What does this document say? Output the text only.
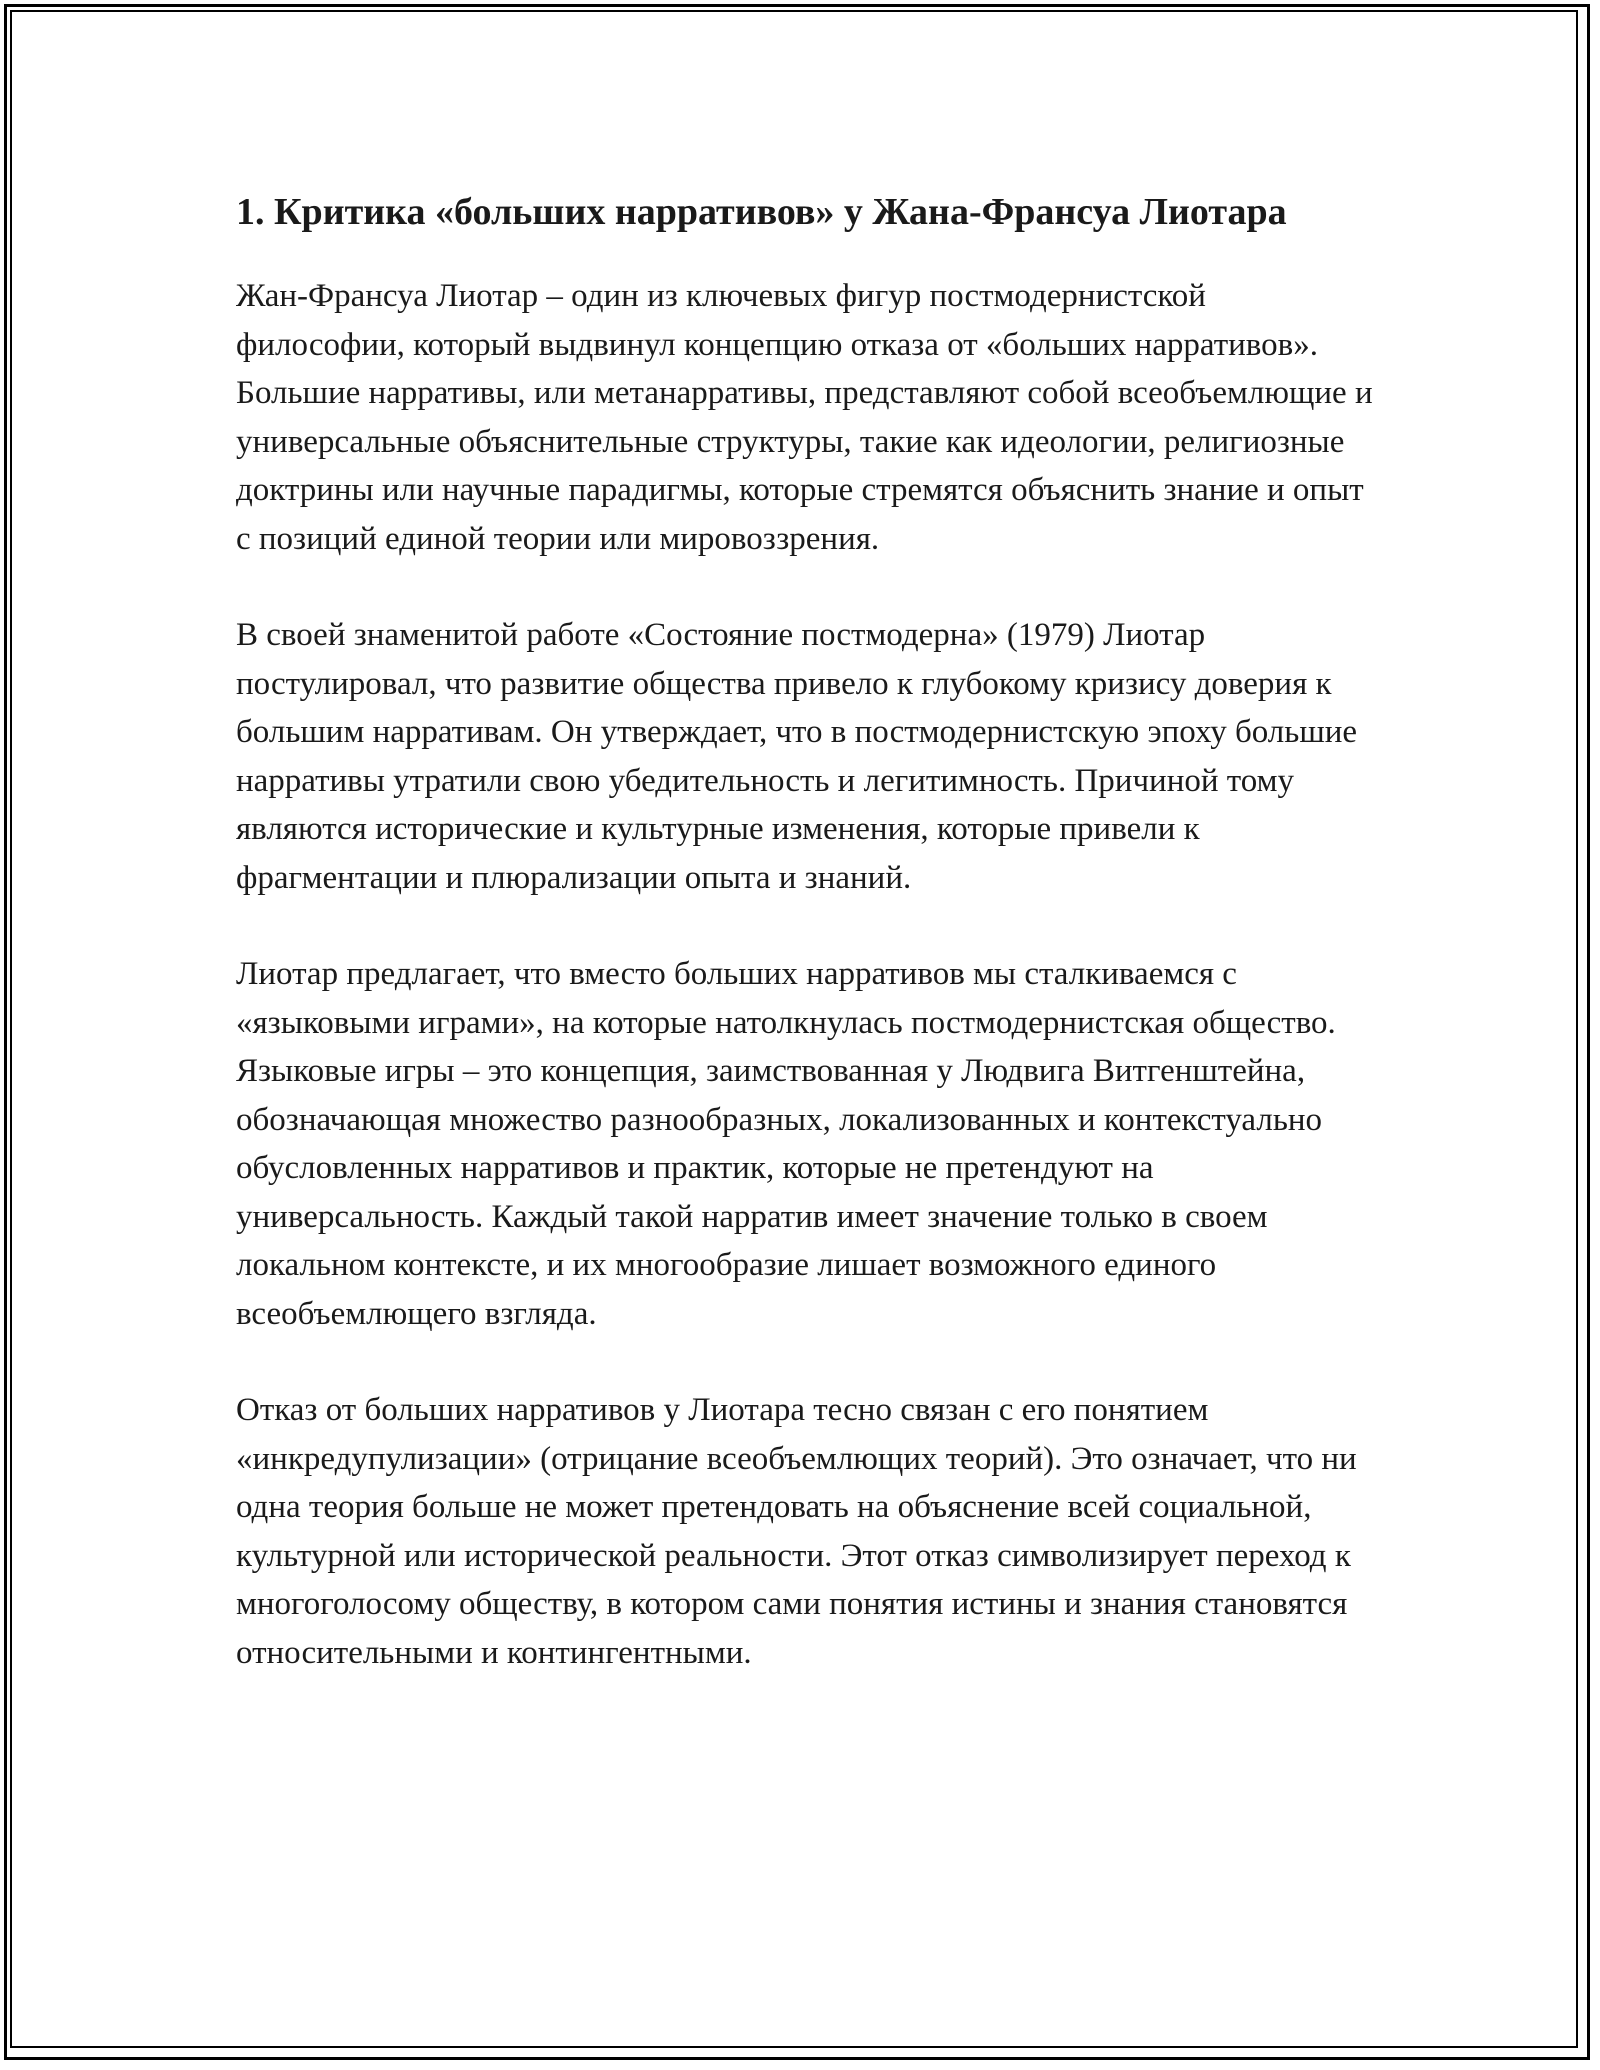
1. Критика «больших нарративов» у Жана-Франсуа Лиотара

Жан-Франсуа Лиотар – один из ключевых фигур постмодернистской философии, который выдвинул концепцию отказа от «больших нарративов». Большие нарративы, или метанарративы, представляют собой всеобъемлющие и универсальные объяснительные структуры, такие как идеологии, религиозные доктрины или научные парадигмы, которые стремятся объяснить знание и опыт с позиций единой теории или мировоззрения.

В своей знаменитой работе «Состояние постмодерна» (1979) Лиотар постулировал, что развитие общества привело к глубокому кризису доверия к большим нарративам. Он утверждает, что в постмодернистскую эпоху большие нарративы утратили свою убедительность и легитимность. Причиной тому являются исторические и культурные изменения, которые привели к фрагментации и плюрализации опыта и знаний.

Лиотар предлагает, что вместо больших нарративов мы сталкиваемся с «языковыми играми», на которые натолкнулась постмодернистская общество. Языковые игры – это концепция, заимствованная у Людвига Витгенштейна, обозначающая множество разнообразных, локализованных и контекстуально обусловленных нарративов и практик, которые не претендуют на универсальность. Каждый такой нарратив имеет значение только в своем локальном контексте, и их многообразие лишает возможного единого всеобъемлющего взгляда.

Отказ от больших нарративов у Лиотара тесно связан с его понятием «инкредупулизации» (отрицание всеобъемлющих теорий). Это означает, что ни одна теория больше не может претендовать на объяснение всей социальной, культурной или исторической реальности. Этот отказ символизирует переход к многоголосому обществу, в котором сами понятия истины и знания становятся относительными и контингентными.
